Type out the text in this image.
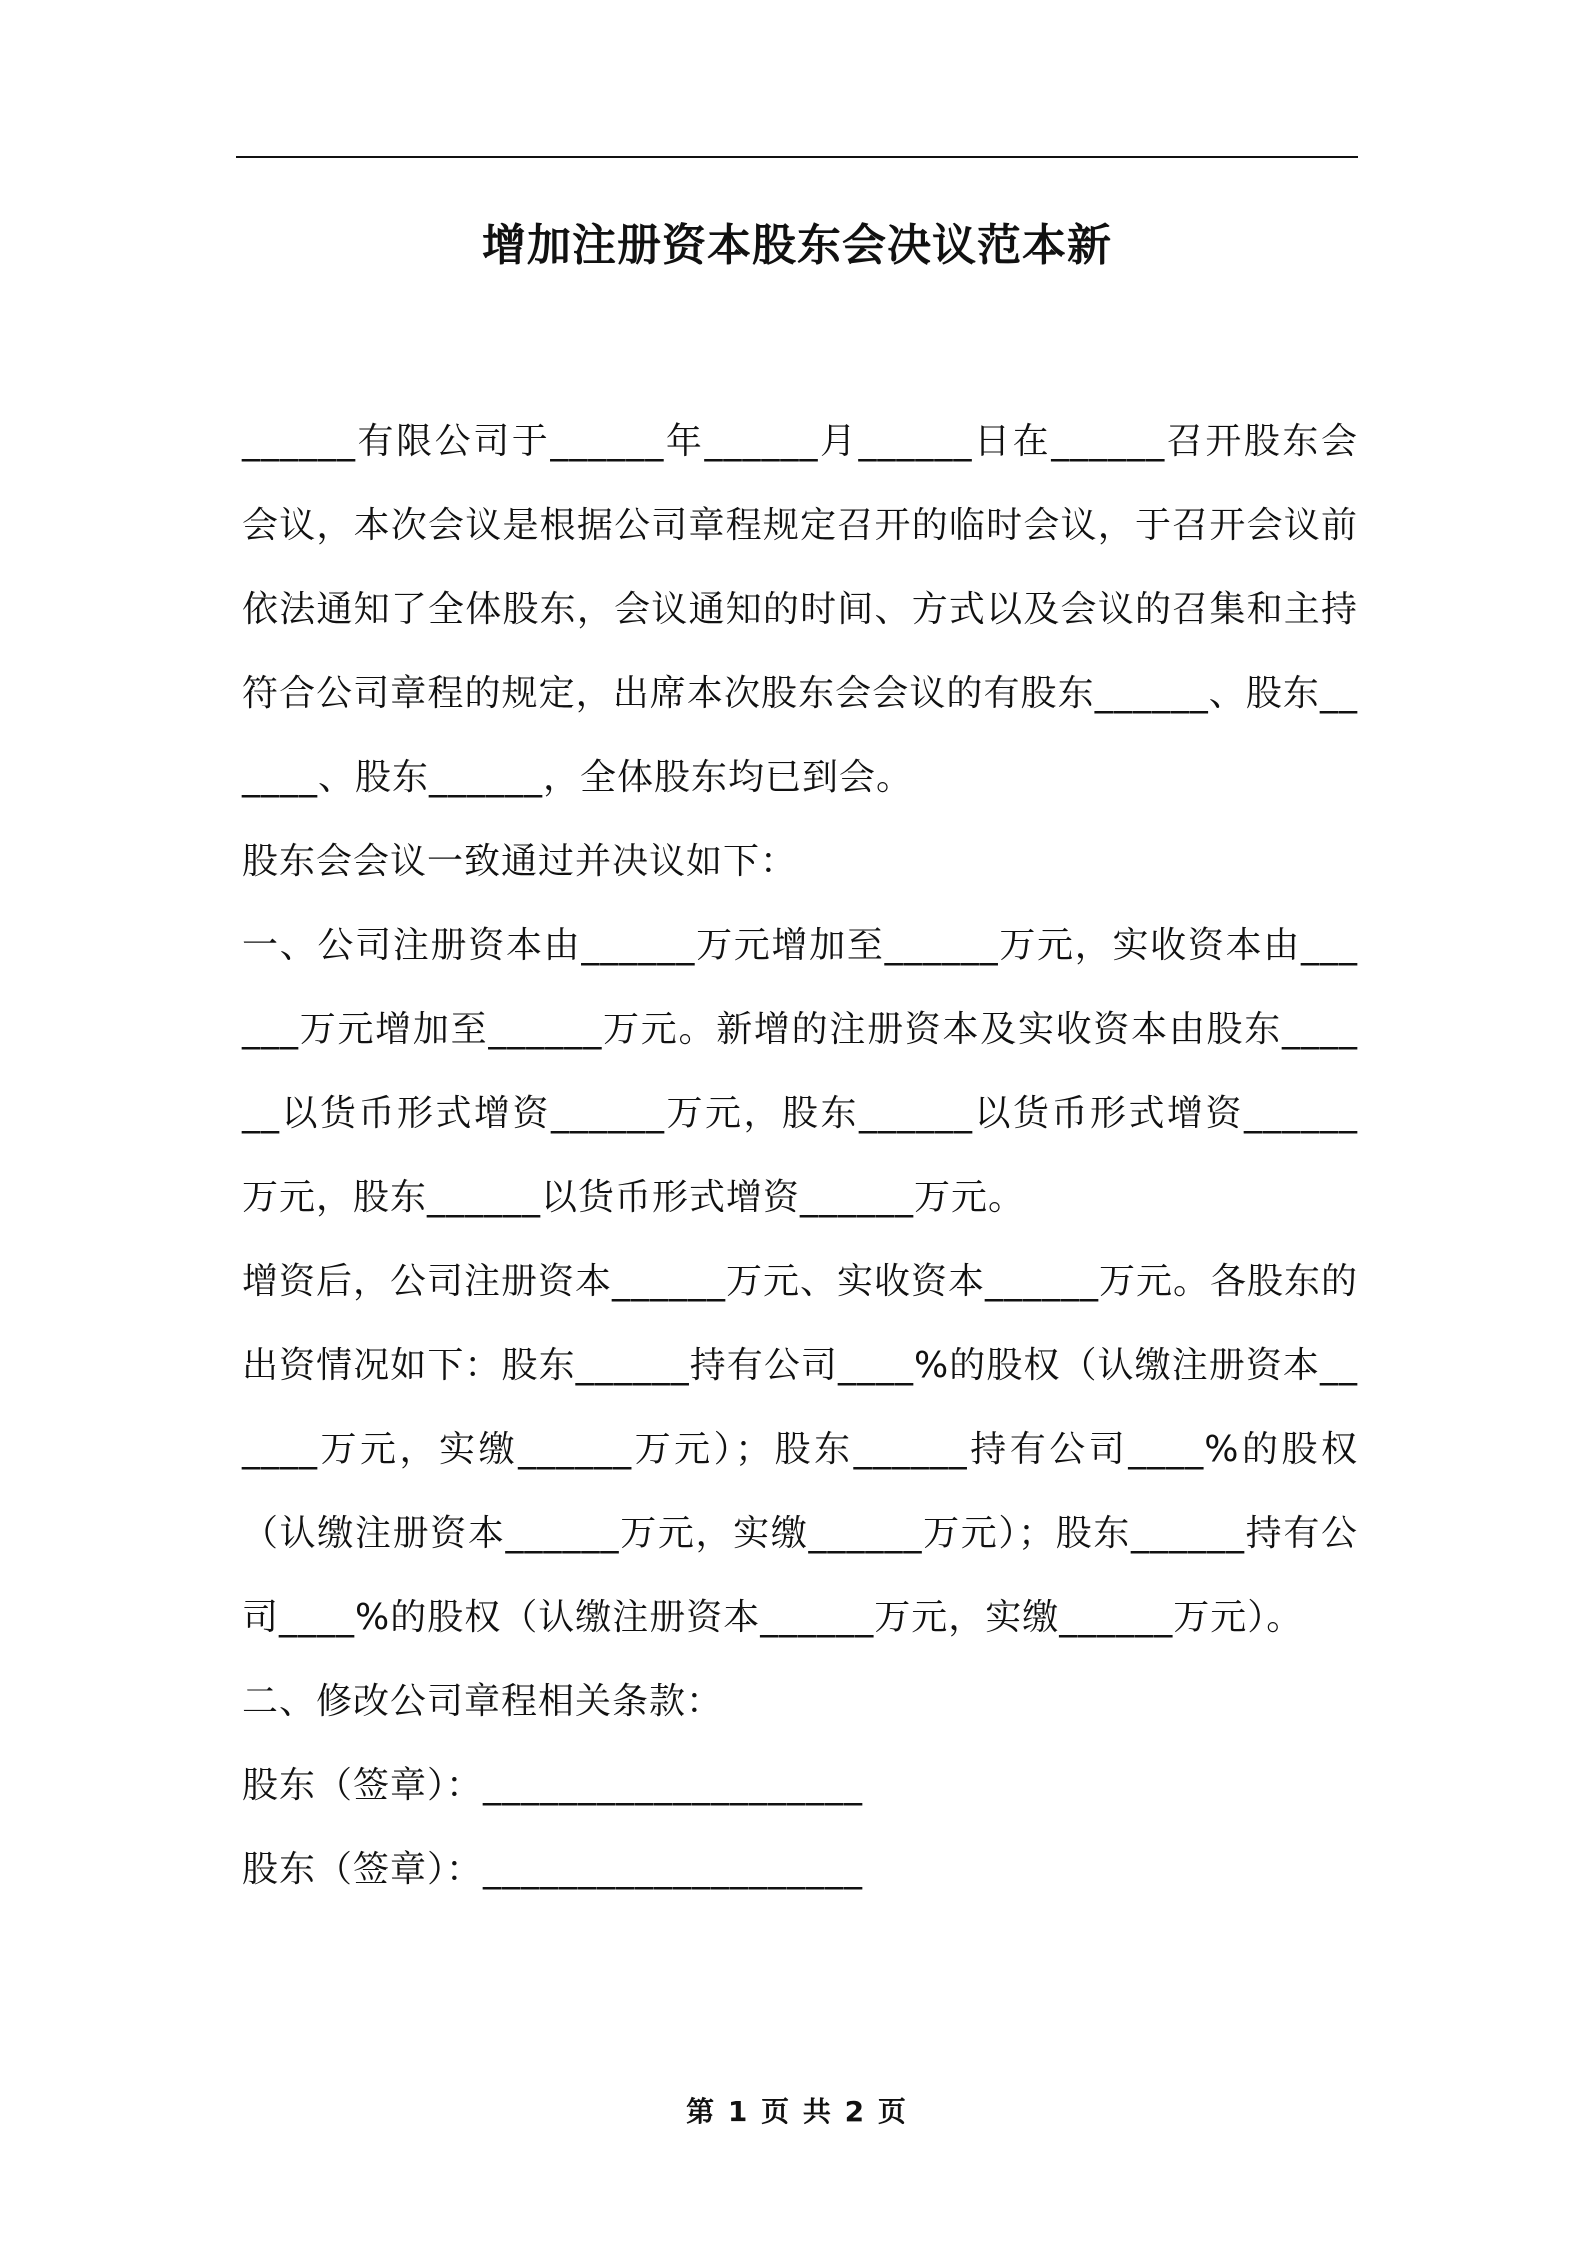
增加注册资本股东会决议范本新

______有限公司于______年______月______日在______召开股东会会议，本次会议是根据公司章程规定召开的临时会议，于召开会议前依法通知了全体股东，会议通知的时间、方式以及会议的召集和主持符合公司章程的规定，出席本次股东会会议的有股东______、股东______、股东______，全体股东均已到会。

股东会会议一致通过并决议如下：

一、公司注册资本由______万元增加至______万元，实收资本由______万元增加至______万元。新增的注册资本及实收资本由股东______以货币形式增资______万元，股东______以货币形式增资______万元，股东______以货币形式增资______万元。

增资后，公司注册资本______万元、实收资本______万元。各股东的出资情况如下：股东______持有公司____%的股权（认缴注册资本______万元，实缴______万元）；股东______持有公司____%的股权（认缴注册资本______万元，实缴______万元）；股东______持有公司____%的股权（认缴注册资本______万元，实缴______万元）。

二、修改公司章程相关条款：

股东（签章）：____________________

股东（签章）：____________________

第 1 页 共 2 页
